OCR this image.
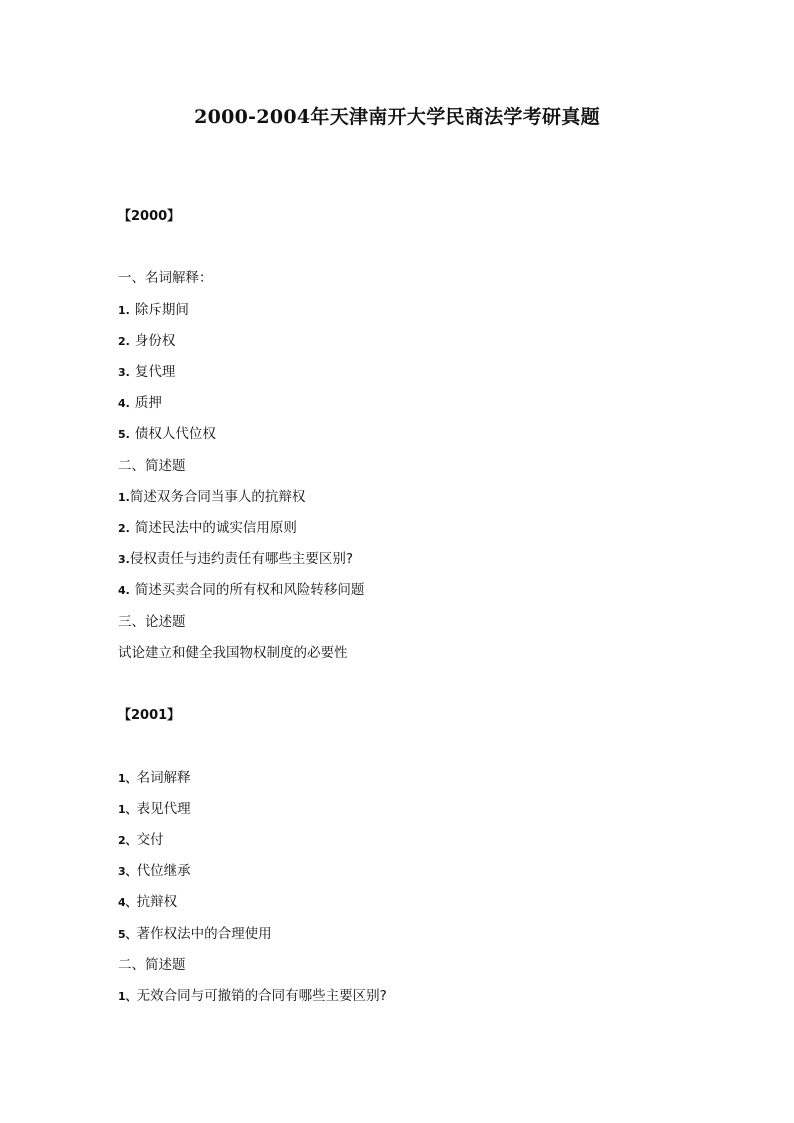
2000-2004年天津南开大学民商法学考研真题
【2000】

一、名词解释：

1. 除斥期间

2. 身份权

3. 复代理

4. 质押

5. 债权人代位权

二、简述题

1.简述双务合同当事人的抗辩权

2. 简述民法中的诚实信用原则

3.侵权责任与违约责任有哪些主要区别?

4. 简述买卖合同的所有权和风险转移问题

三、论述题

试论建立和健全我国物权制度的必要性

【2001】

1、名词解释

1、表见代理

2、交付

3、代位继承

4、抗辩权

5、著作权法中的合理使用

二、简述题

1、无效合同与可撤销的合同有哪些主要区别?
